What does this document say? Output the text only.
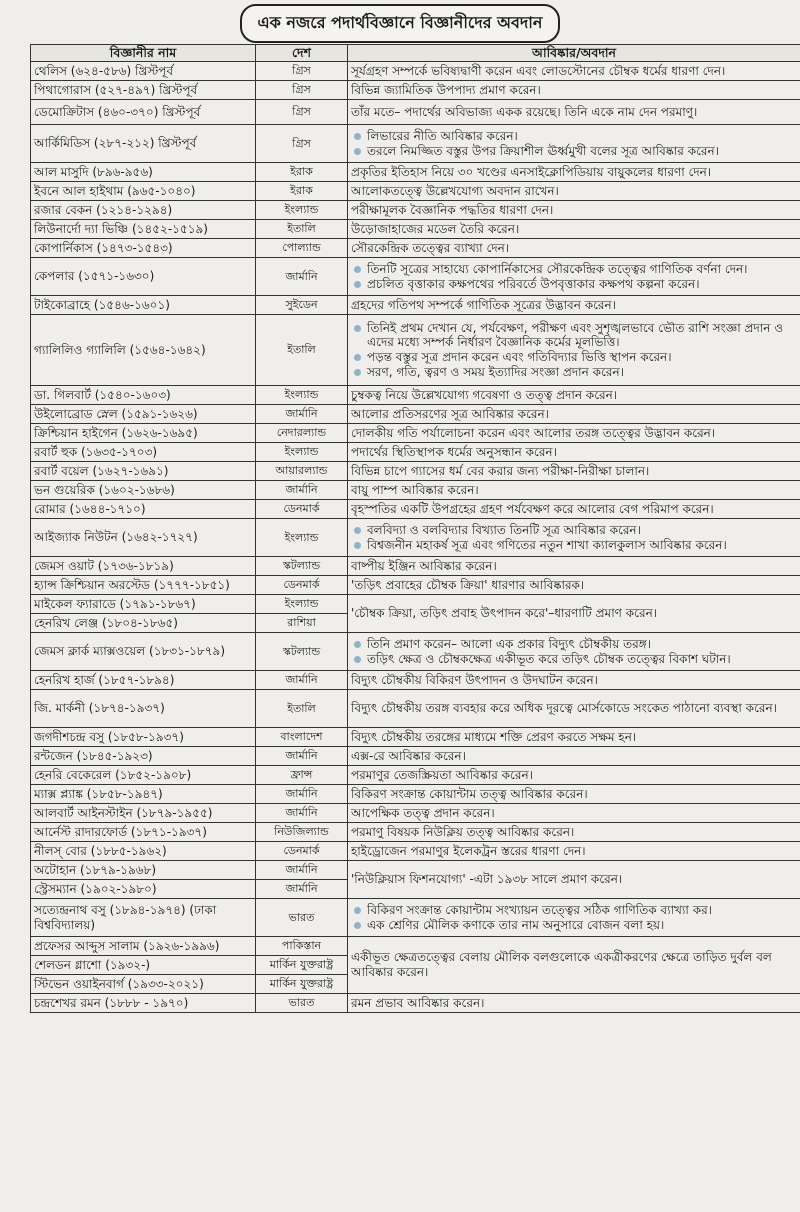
এক নজরে পদার্থবিজ্ঞানে বিজ্ঞানীদের অবদান
বিজ্ঞানীর নাম	দেশ	আবিষ্কার/অবদান
থেলিস (৬২৪-৫৮৬) খ্রিস্টপূর্ব	গ্রিস	সূর্যগ্রহণ সম্পর্কে ভবিষ্যদ্বাণী করেন এবং লোডস্টোনের চৌম্বক ধর্মের ধারণা দেন।

পিথাগোরাস (৫২৭-৪৯৭) খ্রিস্টপূর্ব	গ্রিস	বিভিন্ন জ্যামিতিক উপপাদ্য প্রমাণ করেন।

ডেমোক্রিটাস (৪৬০-৩৭০) খ্রিস্টপূর্ব	গ্রিস	তাঁর মতে– পদার্থের অবিভাজ্য একক রয়েছে। তিনি একে নাম দেন পরমাণু।

আর্কিমিডিস (২৮৭-২১২) খ্রিস্টপূর্ব	গ্রিস	লিভারের নীতি আবিষ্কার করেন।
তরলে নিমজ্জিত বস্তুর উপর ক্রিয়াশীল ঊর্ধ্বমুখী বলের সূত্র আবিষ্কার করেন।

আল মাসুদি (৮৯৬-৯৫৬)	ইরাক	প্রকৃতির ইতিহাস নিয়ে ৩০ খণ্ডের এনসাইক্লোপিডিয়ায় বায়ুকলের ধারণা দেন।

ইবনে আল হাইথাম (৯৬৫-১০৪০)	ইরাক	আলোকতত্ত্বে উল্লেখযোগ্য অবদান রাখেন।

রজার বেকন (১২১৪-১২৯৪)	ইংল্যান্ড	পরীক্ষামূলক বৈজ্ঞানিক পদ্ধতির ধারণা দেন।

লিউনার্দো দ্যা ভিঞ্চি (১৪৫২-১৫১৯)	ইতালি	উড়োজাহাজের মডেল তৈরি করেন।

কোপার্নিকাস (১৪৭৩-১৫৪৩)	পোল্যান্ড	সৌরকেন্দ্রিক তত্ত্বের ব্যাখ্যা দেন।

কেপলার (১৫৭১-১৬৩০)	জার্মানি	তিনটি সূত্রের সাহায্যে কোপার্নিকাসের সৌরকেন্দ্রিক তত্ত্বের গাণিতিক বর্ণনা দেন।
প্রচলিত বৃত্তাকার কক্ষপথের পরিবর্তে উপবৃত্তাকার কক্ষপথ কল্পনা করেন।

টাইকোব্রাহে (১৫৪৬-১৬০১)	সুইডেন	গ্রহদের গতিপথ সম্পর্কে গাণিতিক সূত্রের উদ্ভাবন করেন।

গ্যালিলিও গ্যালিলি (১৫৬৪-১৬৪২)	ইতালি	তিনিই প্রথম দেখান যে, পর্যবেক্ষণ, পরীক্ষণ এবং সুশৃঙ্খলভাবে ভৌত রাশি সংজ্ঞা প্রদান ও এদের মধ্যে সম্পর্ক নির্ধারণ বৈজ্ঞানিক কর্মের মূলভিত্তি।
পড়ন্ত বস্তুর সূত্র প্রদান করেন এবং গতিবিদ্যার ভিত্তি স্থাপন করেন।
সরণ, গতি, ত্বরণ ও সময় ইত্যাদির সংজ্ঞা প্রদান করেন।

ডা. গিলবার্ট (১৫৪০-১৬০৩)	ইংল্যান্ড	চুম্বকত্ব নিয়ে উল্লেখযোগ্য গবেষণা ও তত্ত্ব প্রদান করেন।

উইলোব্রোড স্নেল (১৫৯১-১৬২৬)	জার্মানি	আলোর প্রতিসরণের সূত্র আবিষ্কার করেন।

ক্রিশ্চিয়ান হাইগেন (১৬২৬-১৬৯৫)	নেদারল্যান্ড	দোলকীয় গতি পর্যালোচনা করেন এবং আলোর তরঙ্গ তত্ত্বের উদ্ভাবন করেন।

রবার্ট হুক (১৬৩৫-১৭০৩)	ইংল্যান্ড	পদার্থের স্থিতিস্থাপক ধর্মের অনুসন্ধান করেন।

রবার্ট বয়েল (১৬২৭-১৬৯১)	আয়ারল্যান্ড	বিভিন্ন চাপে গ্যাসের ধর্ম বের করার জন্য পরীক্ষা-নিরীক্ষা চালান।

ভন গুয়েরিক (১৬০২-১৬৮৬)	জার্মানি	বায়ু পাম্প আবিষ্কার করেন।

রোমার (১৬৪৪-১৭১০)	ডেনমার্ক	বৃহস্পতির একটি উপগ্রহের গ্রহণ পর্যবেক্ষণ করে আলোর বেগ পরিমাপ করেন।

আইজ্যাক নিউটন (১৬৪২-১৭২৭)	ইংল্যান্ড	বলবিদ্যা ও বলবিদ্যার বিখ্যাত তিনটি সূত্র আবিষ্কার করেন।
বিশ্বজনীন মহাকর্ষ সূত্র এবং গণিতের নতুন শাখা ক্যালকুলাস আবিষ্কার করেন।

জেমস ওয়াট (১৭৩৬-১৮১৯)	স্কটল্যান্ড	বাষ্পীয় ইঞ্জিন আবিষ্কার করেন।

হ্যান্স ক্রিশ্চিয়ান অরস্টেড (১৭৭৭-১৮৫১)	ডেনমার্ক	'তড়িৎ প্রবাহের চৌম্বক ক্রিয়া' ধারণার আবিষ্কারক।

মাইকেল ফ্যারাডে (১৭৯১-১৮৬৭)	ইংল্যান্ড	'চৌম্বক ক্রিয়া, তড়িৎ প্রবাহ উৎপাদন করে'–ধারণাটি প্রমাণ করেন।

হেনরিখ লেঞ্জ (১৮০৪-১৮৬৫)	রাশিয়া	
জেমস ক্লার্ক ম্যাক্সওয়েল (১৮৩১-১৮৭৯)	স্কটল্যান্ড	তিনি প্রমাণ করেন– আলো এক প্রকার বিদ্যুৎ চৌম্বকীয় তরঙ্গ।
তড়িৎ ক্ষেত্র ও চৌম্বকক্ষেত্র একীভূত করে তড়িৎ চৌম্বক তত্ত্বের বিকাশ ঘটান।

হেনরিখ হার্জ (১৮৫৭-১৮৯৪)	জার্মানি	বিদ্যুৎ চৌম্বকীয় বিকিরণ উৎপাদন ও উদঘাটন করেন।

জি. মার্কনী (১৮৭৪-১৯৩৭)	ইতালি	বিদ্যুৎ চৌম্বকীয় তরঙ্গ ব্যবহার করে অধিক দূরত্বে মোর্সকোডে সংকেত পাঠানো ব্যবস্থা করেন।

জগদীশচন্দ্র বসু (১৮৫৮-১৯৩৭)	বাংলাদেশ	বিদ্যুৎ চৌম্বকীয় তরঙ্গের মাধ্যমে শক্তি প্রেরণ করতে সক্ষম হন।

রন্টজেন (১৮৪৫-১৯২৩)	জার্মানি	এক্স-রে আবিষ্কার করেন।

হেনরি বেকেরেল (১৮৫২-১৯০৮)	ফ্রান্স	পরমাণুর তেজস্ক্রিয়তা আবিষ্কার করেন।

ম্যাক্স প্ল্যাঙ্ক (১৮৫৮-১৯৪৭)	জার্মানি	বিকিরণ সংক্রান্ত কোয়ান্টাম তত্ত্ব আবিষ্কার করেন।

আলবার্ট আইনস্টাইন (১৮৭৯-১৯৫৫)	জার্মানি	আপেক্ষিক তত্ত্ব প্রদান করেন।

আর্নেস্ট রাদারফোর্ড (১৮৭১-১৯৩৭)	নিউজিল্যান্ড	পরমাণু বিষয়ক নিউক্লিয় তত্ত্ব আবিষ্কার করেন।

নীলস্ বোর (১৮৮৫-১৯৬২)	ডেনমার্ক	হাইড্রোজেন পরমাণুর ইলেকট্রন স্তরের ধারণা দেন।

অটোহান (১৮৭৯-১৯৬৮)	জার্মানি	'নিউক্লিয়াস ফিশনযোগ্য' -এটা ১৯৩৮ সালে প্রমাণ করেন।

স্ট্রেসম্যান (১৯০২-১৯৮০)	জার্মানি	
সত্যেন্দ্রনাথ বসু (১৮৯৪-১৯৭৪) (ঢাকা বিশ্ববিদ্যালয়)	ভারত	বিকিরণ সংক্রান্ত কোয়ান্টাম সংখ্যায়ন তত্ত্বের সঠিক গাণিতিক ব্যাখ্যা কর।
এক শ্রেণির মৌলিক কণাকে তার নাম অনুসারে বোজন বলা হয়।

প্রফেসর আব্দুস সালাম (১৯২৬-১৯৯৬)	পাকিস্তান	একীভূত ক্ষেত্রতত্ত্বের বেলায় মৌলিক বলগুলোকে একত্রীকরণের ক্ষেত্রে তাড়িত দুর্বল বল আবিষ্কার করেন।

শেলডন গ্লাশো (১৯৩২-)	মার্কিন যুক্তরাষ্ট্র	
স্টিভেন ওয়াইনবার্গ (১৯৩৩-২০২১)	মার্কিন যুক্তরাষ্ট্র	
চন্দ্রশেখর রমন (১৮৮৮ - ১৯৭০)	ভারত	রমন প্রভাব আবিষ্কার করেন।
